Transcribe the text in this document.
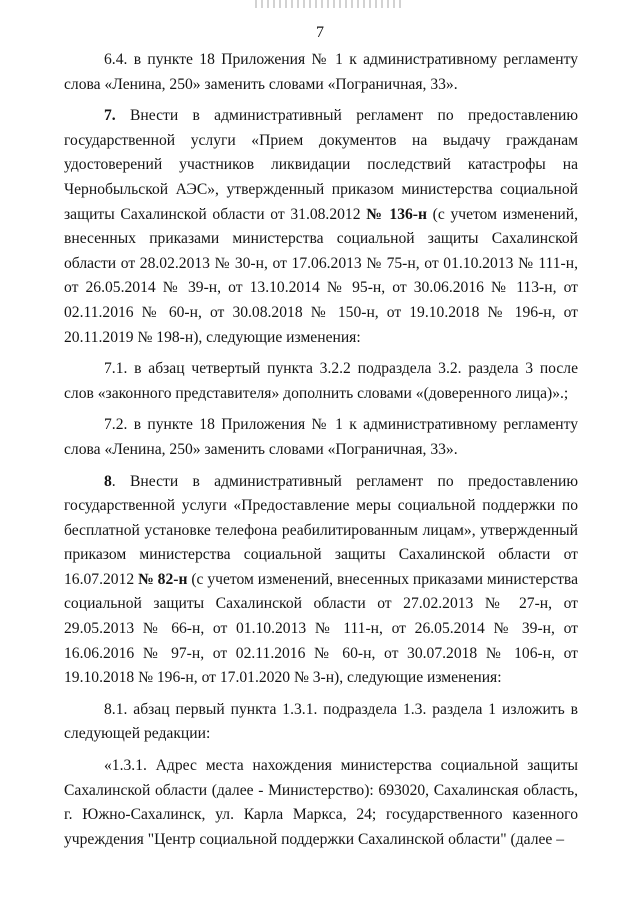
7

6.4. в пункте 18 Приложения № 1 к административному регламенту слова «Ленина, 250» заменить словами «Пограничная, 33».

7. Внести в административный регламент по предоставлению государственной услуги «Прием документов на выдачу гражданам удостоверений участников ликвидации последствий катастрофы на Чернобыльской АЭС», утвержденный приказом министерства социальной защиты Сахалинской области от 31.08.2012 № 136-н (с учетом изменений, внесенных приказами министерства социальной защиты Сахалинской области от 28.02.2013 № 30-н, от 17.06.2013 № 75-н, от 01.10.2013 № 111-н, от 26.05.2014 № 39-н, от 13.10.2014 № 95-н, от 30.06.2016 № 113-н, от 02.11.2016 № 60-н, от 30.08.2018 № 150-н, от 19.10.2018 № 196-н, от 20.11.2019 № 198-н), следующие изменения:

7.1. в абзац четвертый пункта 3.2.2 подраздела 3.2. раздела 3 после слов «законного представителя» дополнить словами «(доверенного лица)».;

7.2. в пункте 18 Приложения № 1 к административному регламенту слова «Ленина, 250» заменить словами «Пограничная, 33».

8. Внести в административный регламент по предоставлению государственной услуги «Предоставление меры социальной поддержки по бесплатной установке телефона реабилитированным лицам», утвержденный приказом министерства социальной защиты Сахалинской области от 16.07.2012 № 82-н (с учетом изменений, внесенных приказами министерства социальной защиты Сахалинской области от 27.02.2013 № 27-н, от 29.05.2013 № 66-н, от 01.10.2013 № 111-н, от 26.05.2014 № 39-н, от 16.06.2016 № 97-н, от 02.11.2016 № 60-н, от 30.07.2018 № 106-н, от 19.10.2018 № 196-н, от 17.01.2020 № 3-н), следующие изменения:

8.1. абзац первый пункта 1.3.1. подраздела 1.3. раздела 1 изложить в следующей редакции:

«1.3.1. Адрес места нахождения министерства социальной защиты Сахалинской области (далее - Министерство): 693020, Сахалинская область, г. Южно-Сахалинск, ул. Карла Маркса, 24; государственного казенного учреждения "Центр социальной поддержки Сахалинской области" (далее –
